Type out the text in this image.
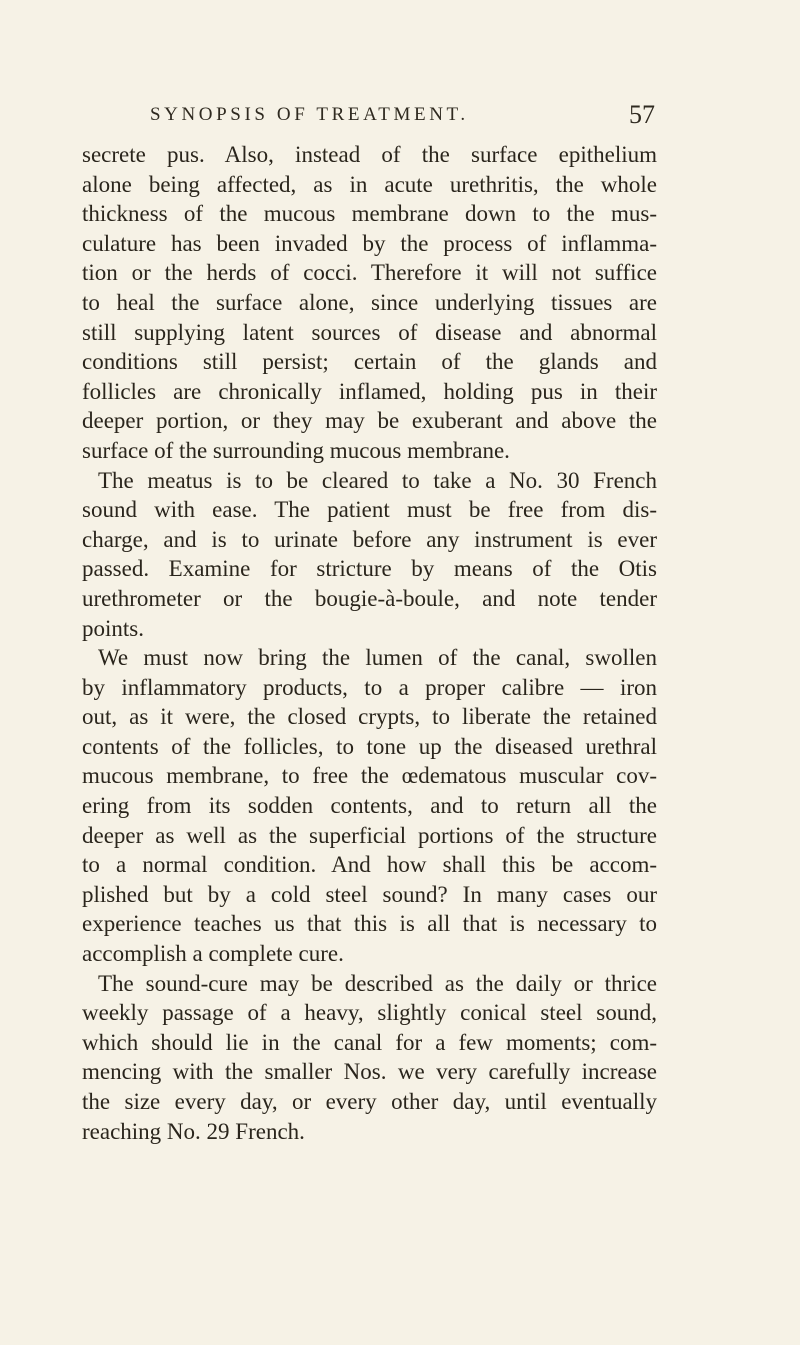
SYNOPSIS OF TREATMENT.	57
secrete pus. Also, instead of the surface epithelium
alone being affected, as in acute urethritis, the whole
thickness of the mucous membrane down to the mus-
culature has been invaded by the process of inflamma-
tion or the herds of cocci. Therefore it will not suffice
to heal the surface alone, since underlying tissues are
still supplying latent sources of disease and abnormal
conditions still persist; certain of the glands and
follicles are chronically inflamed, holding pus in their
deeper portion, or they may be exuberant and above the
surface of the surrounding mucous membrane.
The meatus is to be cleared to take a No. 30 French
sound with ease. The patient must be free from dis-
charge, and is to urinate before any instrument is ever
passed. Examine for stricture by means of the Otis
urethrometer or the bougie-à-boule, and note tender
points.
We must now bring the lumen of the canal, swollen
by inflammatory products, to a proper calibre — iron
out, as it were, the closed crypts, to liberate the retained
contents of the follicles, to tone up the diseased urethral
mucous membrane, to free the œdematous muscular cov-
ering from its sodden contents, and to return all the
deeper as well as the superficial portions of the structure
to a normal condition. And how shall this be accom-
plished but by a cold steel sound? In many cases our
experience teaches us that this is all that is necessary to
accomplish a complete cure.
The sound-cure may be described as the daily or thrice
weekly passage of a heavy, slightly conical steel sound,
which should lie in the canal for a few moments; com-
mencing with the smaller Nos. we very carefully increase
the size every day, or every other day, until eventually
reaching No. 29 French.
